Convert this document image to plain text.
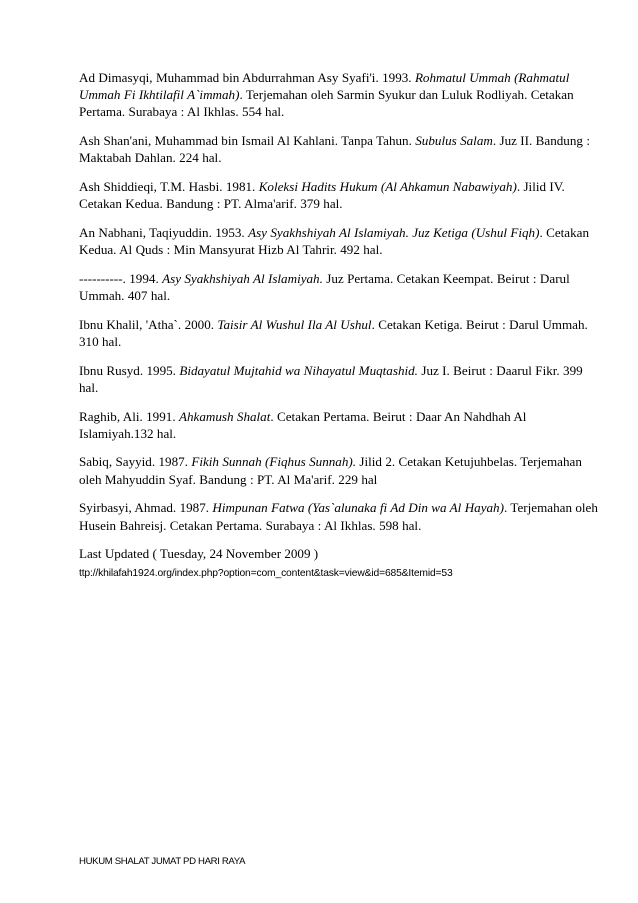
Ad Dimasyqi, Muhammad bin Abdurrahman Asy Syafi'i. 1993. Rohmatul Ummah (Rahmatul Ummah Fi Ikhtilafil A`immah). Terjemahan oleh Sarmin Syukur dan Luluk Rodliyah. Cetakan Pertama. Surabaya : Al Ikhlas. 554 hal.

Ash Shan'ani, Muhammad bin Ismail Al Kahlani. Tanpa Tahun. Subulus Salam. Juz II. Bandung : Maktabah Dahlan. 224 hal.

Ash Shiddieqi, T.M. Hasbi. 1981. Koleksi Hadits Hukum (Al Ahkamun Nabawiyah). Jilid IV. Cetakan Kedua. Bandung : PT. Alma'arif. 379 hal.

An Nabhani, Taqiyuddin. 1953. Asy Syakhshiyah Al Islamiyah. Juz Ketiga (Ushul Fiqh). Cetakan Kedua. Al Quds : Min Mansyurat Hizb Al Tahrir. 492 hal.

----------. 1994. Asy Syakhshiyah Al Islamiyah. Juz Pertama. Cetakan Keempat. Beirut : Darul Ummah. 407 hal.

Ibnu Khalil, 'Atha`. 2000. Taisir Al Wushul Ila Al Ushul. Cetakan Ketiga. Beirut : Darul Ummah. 310 hal.

Ibnu Rusyd. 1995. Bidayatul Mujtahid wa Nihayatul Muqtashid. Juz I. Beirut : Daarul Fikr. 399 hal.

Raghib, Ali. 1991. Ahkamush Shalat. Cetakan Pertama. Beirut : Daar An Nahdhah Al Islamiyah.132 hal.

Sabiq, Sayyid. 1987. Fikih Sunnah (Fiqhus Sunnah). Jilid 2. Cetakan Ketujuhbelas. Terjemahan oleh Mahyuddin Syaf. Bandung : PT. Al Ma'arif. 229 hal

Syirbasyi, Ahmad. 1987. Himpunan Fatwa (Yas`alunaka fi Ad Din wa Al Hayah). Terjemahan oleh Husein Bahreisj. Cetakan Pertama. Surabaya : Al Ikhlas. 598 hal.

Last Updated ( Tuesday, 24 November 2009 )

ttp://khilafah1924.org/index.php?option=com_content&task=view&id=685&Itemid=53

HUKUM SHALAT JUMAT PD HARI RAYA
